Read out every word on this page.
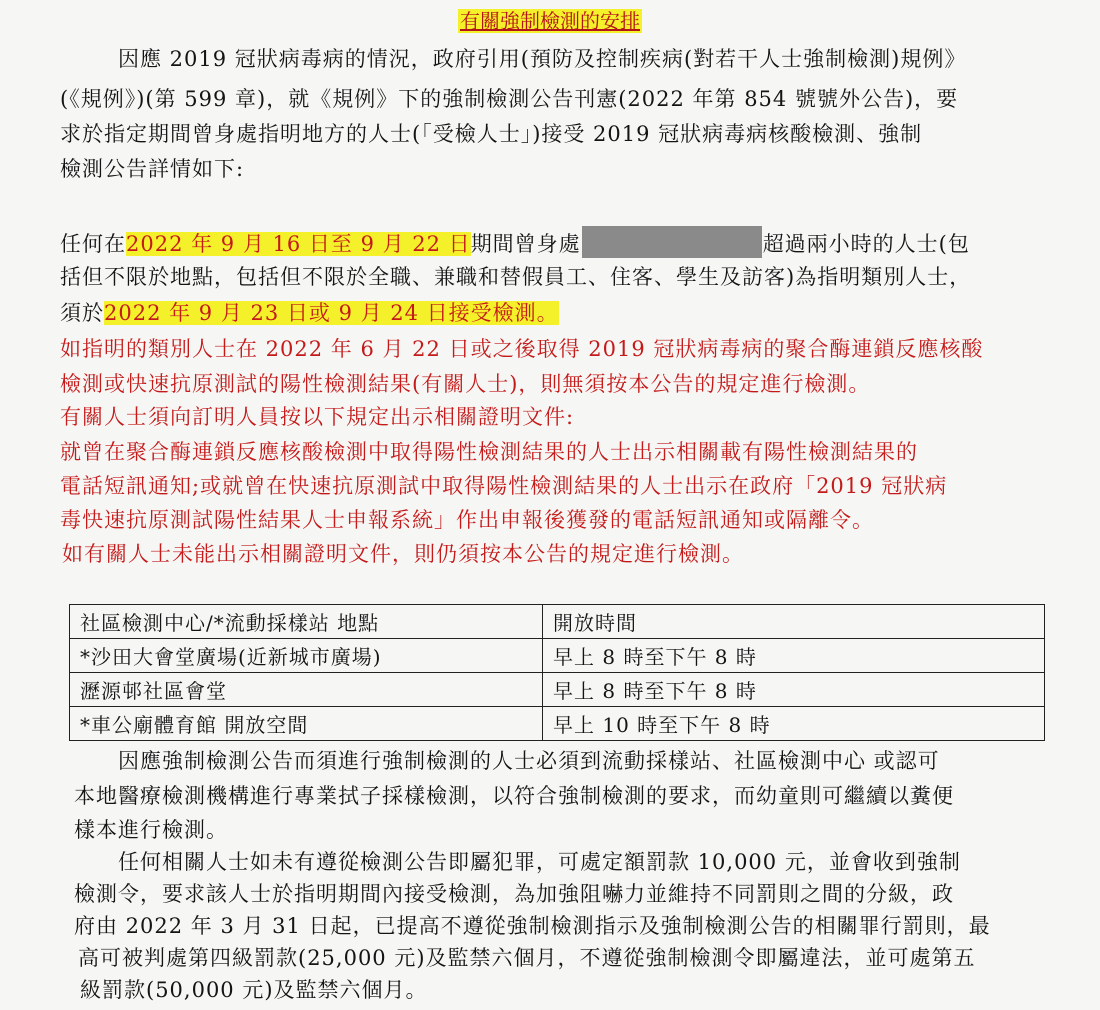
有關強制檢測的安排
因應 2019 冠狀病毒病的情況，政府引用(預防及控制疾病(對若干人士強制檢測)規例》
(《規例》)(第 599 章)，就《規例》下的強制檢測公告刊憲(2022 年第 854 號號外公告)，要
求於指定期間曾身處指明地方的人士(「受檢人士」)接受 2019 冠狀病毒病核酸檢測、強制
檢測公告詳情如下:
任何在2022 年 9 月 16 日至 9 月 22 日期間曾身處	超過兩小時的人士(包
括但不限於地點，包括但不限於全職、兼職和替假員工、住客、學生及訪客)為指明類別人士，
須於2022 年 9 月 23 日或 9 月 24 日接受檢測。
如指明的類別人士在 2022 年 6 月 22 日或之後取得 2019 冠狀病毒病的聚合酶連鎖反應核酸
檢測或快速抗原測試的陽性檢測結果(有關人士)，則無須按本公告的規定進行檢測。
有關人士須向訂明人員按以下規定出示相關證明文件:
就曾在聚合酶連鎖反應核酸檢測中取得陽性檢測結果的人士出示相關載有陽性檢測結果的
電話短訊通知;或就曾在快速抗原測試中取得陽性檢測結果的人士出示在政府「2019 冠狀病
毒快速抗原測試陽性結果人士申報系統」作出申報後獲發的電話短訊通知或隔離令。
如有關人士未能出示相關證明文件，則仍須按本公告的規定進行檢測。
社區檢測中心/*流動採樣站 地點	開放時間
*沙田大會堂廣場(近新城市廣場)	早上 8 時至下午 8 時
瀝源邨社區會堂	早上 8 時至下午 8 時
*車公廟體育館 開放空間	早上 10 時至下午 8 時
因應強制檢測公告而須進行強制檢測的人士必須到流動採樣站、社區檢測中心 或認可
本地醫療檢測機構進行專業拭子採樣檢測，以符合強制檢測的要求，而幼童則可繼續以糞便
樣本進行檢測。
任何相關人士如未有遵從檢測公告即屬犯罪，可處定額罰款 10,000 元，並會收到強制
檢測令，要求該人士於指明期間內接受檢測，為加強阻嚇力並維持不同罰則之間的分級，政
府由 2022 年 3 月 31 日起，已提高不遵從強制檢測指示及強制檢測公告的相關罪行罰則，最
高可被判處第四級罰款(25,000 元)及監禁六個月，不遵從強制檢測令即屬違法，並可處第五
級罰款(50,000 元)及監禁六個月。
